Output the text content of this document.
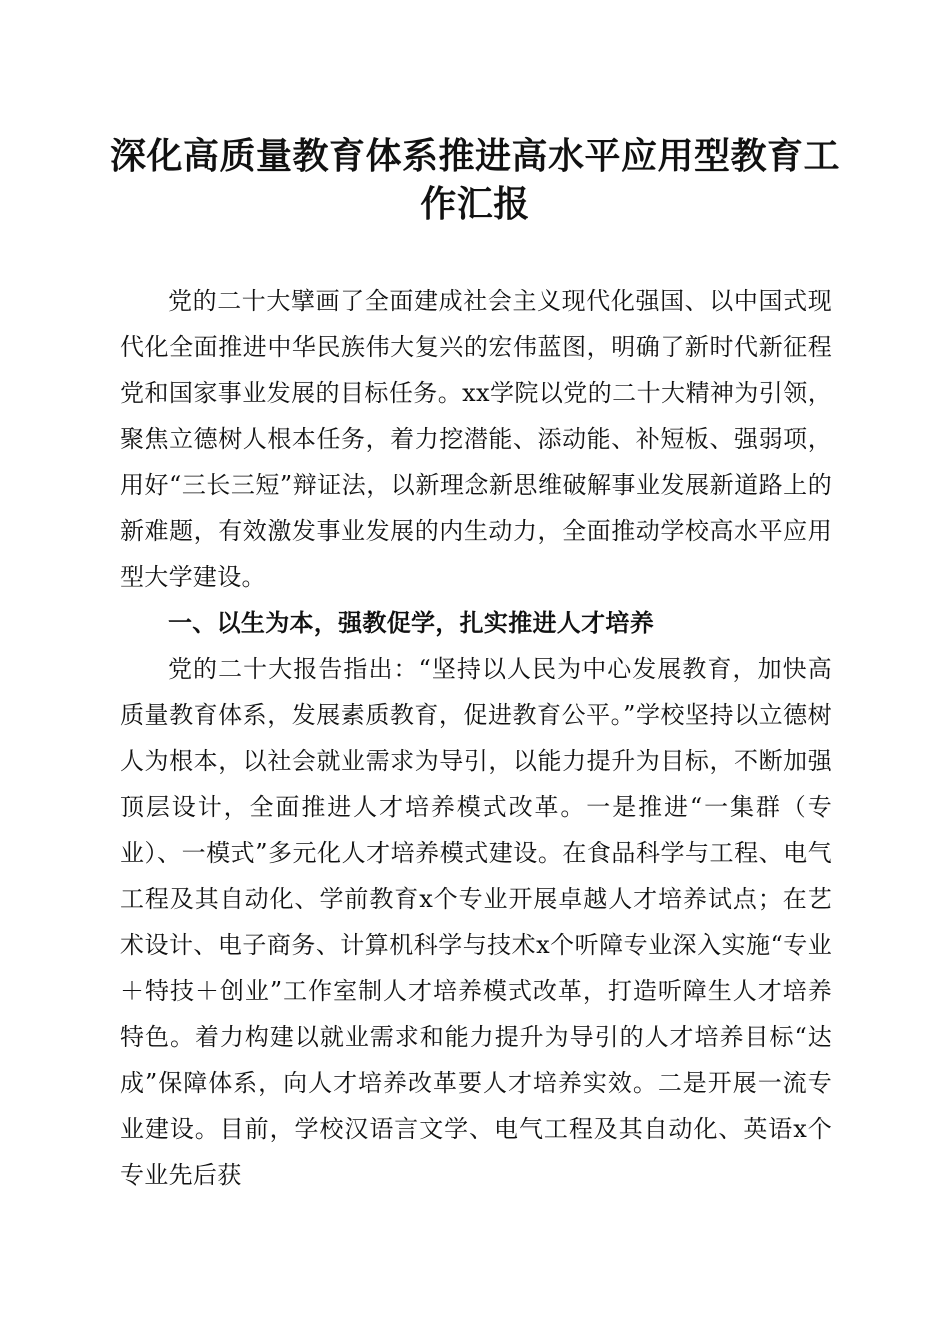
深化高质量教育体系推进高水平应用型教育工作汇报

党的二十大擘画了全面建成社会主义现代化强国、以中国式现代化全面推进中华民族伟大复兴的宏伟蓝图，明确了新时代新征程党和国家事业发展的目标任务。xx学院以党的二十大精神为引领，聚焦立德树人根本任务，着力挖潜能、添动能、补短板、强弱项，用好“三长三短”辩证法，以新理念新思维破解事业发展新道路上的新难题，有效激发事业发展的内生动力，全面推动学校高水平应用型大学建设。

一、以生为本，强教促学，扎实推进人才培养

党的二十大报告指出：“坚持以人民为中心发展教育，加快高质量教育体系，发展素质教育，促进教育公平。”学校坚持以立德树人为根本，以社会就业需求为导引，以能力提升为目标，不断加强顶层设计，全面推进人才培养模式改革。一是推进“一集群（专业）、一模式”多元化人才培养模式建设。在食品科学与工程、电气工程及其自动化、学前教育x个专业开展卓越人才培养试点；在艺术设计、电子商务、计算机科学与技术x个听障专业深入实施“专业＋特技＋创业”工作室制人才培养模式改革，打造听障生人才培养特色。着力构建以就业需求和能力提升为导引的人才培养目标“达成”保障体系，向人才培养改革要人才培养实效。二是开展一流专业建设。目前，学校汉语言文学、电气工程及其自动化、英语x个专业先后获
